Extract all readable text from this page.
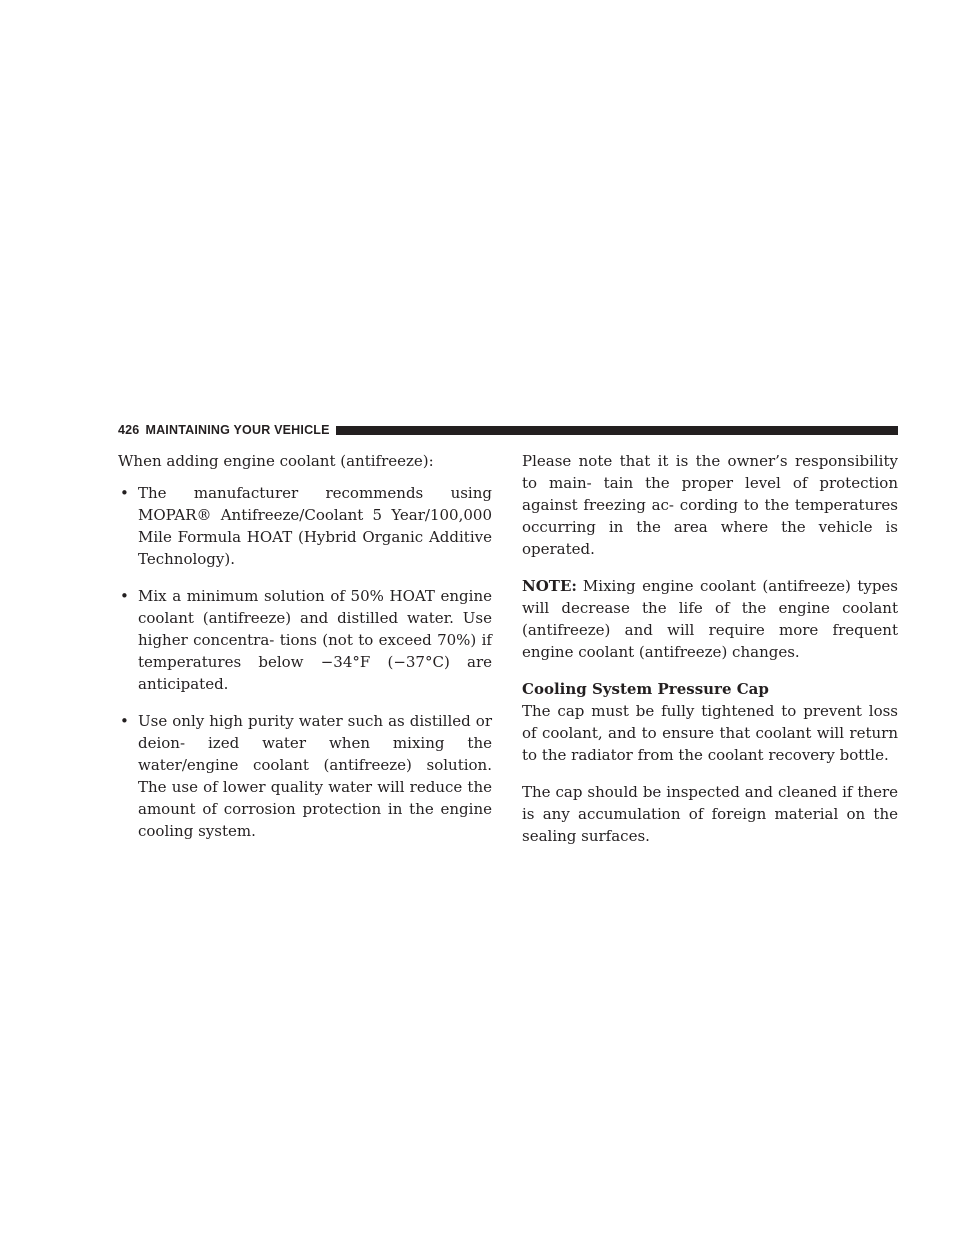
426 MAINTAINING YOUR VEHICLE

When adding engine coolant (antifreeze):

• The manufacturer recommends using MOPAR® Antifreeze/Coolant 5 Year/100,000 Mile Formula HOAT (Hybrid Organic Additive Technology).
• Mix a minimum solution of 50% HOAT engine coolant (antifreeze) and distilled water. Use higher concentra- tions (not to exceed 70%) if temperatures below −34°F (−37°C) are anticipated.
• Use only high purity water such as distilled or deion- ized water when mixing the water/engine coolant (antifreeze) solution. The use of lower quality water will reduce the amount of corrosion protection in the engine cooling system.

Please note that it is the owner’s responsibility to main- tain the proper level of protection against freezing ac- cording to the temperatures occurring in the area where the vehicle is operated.

NOTE: Mixing engine coolant (antifreeze) types will decrease the life of the engine coolant (antifreeze) and will require more frequent engine coolant (antifreeze) changes.

Cooling System Pressure Cap

The cap must be fully tightened to prevent loss of coolant, and to ensure that coolant will return to the radiator from the coolant recovery bottle.

The cap should be inspected and cleaned if there is any accumulation of foreign material on the sealing surfaces.
